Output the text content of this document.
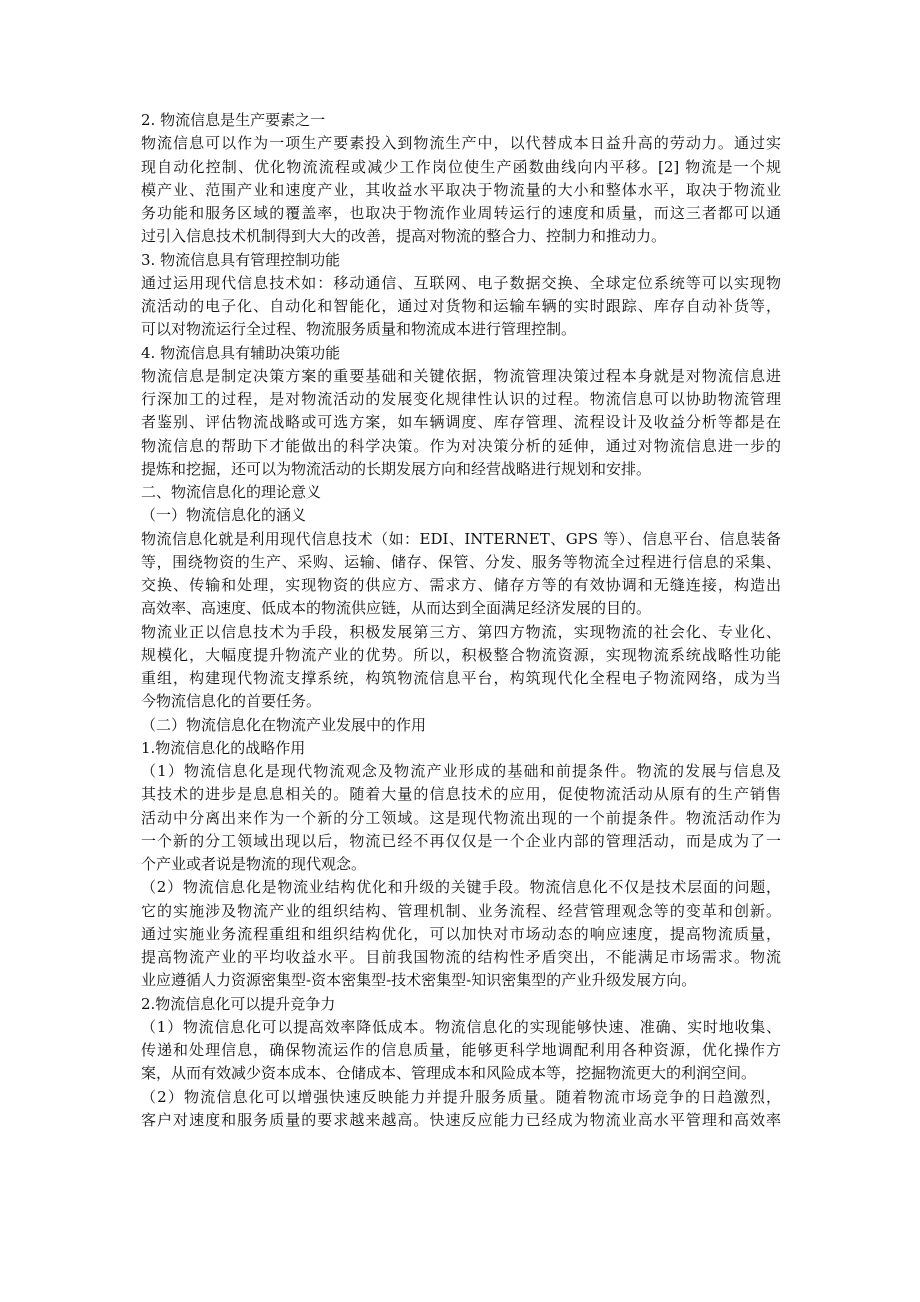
2. 物流信息是生产要素之一
物流信息可以作为一项生产要素投入到物流生产中，以代替成本日益升高的劳动力。通过实
现自动化控制、优化物流流程或减少工作岗位使生产函数曲线向内平移。[2] 物流是一个规
模产业、范围产业和速度产业，其收益水平取决于物流量的大小和整体水平，取决于物流业
务功能和服务区域的覆盖率，也取决于物流作业周转运行的速度和质量，而这三者都可以通
过引入信息技术机制得到大大的改善，提高对物流的整合力、控制力和推动力。
3. 物流信息具有管理控制功能
通过运用现代信息技术如：移动通信、互联网、电子数据交换、全球定位系统等可以实现物
流活动的电子化、自动化和智能化，通过对货物和运输车辆的实时跟踪、库存自动补货等，
可以对物流运行全过程、物流服务质量和物流成本进行管理控制。
4. 物流信息具有辅助决策功能
物流信息是制定决策方案的重要基础和关键依据，物流管理决策过程本身就是对物流信息进
行深加工的过程，是对物流活动的发展变化规律性认识的过程。物流信息可以协助物流管理
者鉴别、评估物流战略或可选方案，如车辆调度、库存管理、流程设计及收益分析等都是在
物流信息的帮助下才能做出的科学决策。作为对决策分析的延伸，通过对物流信息进一步的
提炼和挖掘，还可以为物流活动的长期发展方向和经营战略进行规划和安排。
二、物流信息化的理论意义
（一）物流信息化的涵义
物流信息化就是利用现代信息技术（如：EDI、INTERNET、GPS 等）、信息平台、信息装备
等，围绕物资的生产、采购、运输、储存、保管、分发、服务等物流全过程进行信息的采集、
交换、传输和处理，实现物资的供应方、需求方、储存方等的有效协调和无缝连接，构造出
高效率、高速度、低成本的物流供应链，从而达到全面满足经济发展的目的。
物流业正以信息技术为手段，积极发展第三方、第四方物流，实现物流的社会化、专业化、
规模化，大幅度提升物流产业的优势。所以，积极整合物流资源，实现物流系统战略性功能
重组，构建现代物流支撑系统，构筑物流信息平台，构筑现代化全程电子物流网络，成为当
今物流信息化的首要任务。
（二）物流信息化在物流产业发展中的作用
1.物流信息化的战略作用
（1）物流信息化是现代物流观念及物流产业形成的基础和前提条件。物流的发展与信息及
其技术的进步是息息相关的。随着大量的信息技术的应用，促使物流活动从原有的生产销售
活动中分离出来作为一个新的分工领域。这是现代物流出现的一个前提条件。物流活动作为
一个新的分工领域出现以后，物流已经不再仅仅是一个企业内部的管理活动，而是成为了一
个产业或者说是物流的现代观念。
（2）物流信息化是物流业结构优化和升级的关键手段。物流信息化不仅是技术层面的问题，
它的实施涉及物流产业的组织结构、管理机制、业务流程、经营管理观念等的变革和创新。
通过实施业务流程重组和组织结构优化，可以加快对市场动态的响应速度，提高物流质量，
提高物流产业的平均收益水平。目前我国物流的结构性矛盾突出，不能满足市场需求。物流
业应遵循人力资源密集型-资本密集型-技术密集型-知识密集型的产业升级发展方向。
2.物流信息化可以提升竞争力
（1）物流信息化可以提高效率降低成本。物流信息化的实现能够快速、准确、实时地收集、
传递和处理信息，确保物流运作的信息质量，能够更科学地调配利用各种资源，优化操作方
案，从而有效减少资本成本、仓储成本、管理成本和风险成本等，挖掘物流更大的利润空间。
（2）物流信息化可以增强快速反映能力并提升服务质量。随着物流市场竞争的日趋激烈，
客户对速度和服务质量的要求越来越高。快速反应能力已经成为物流业高水平管理和高效率
